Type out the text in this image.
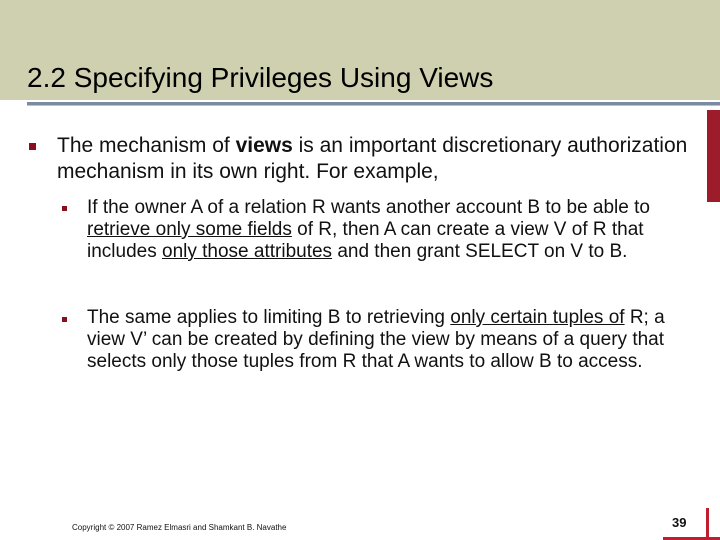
2.2 Specifying Privileges Using Views
The mechanism of views is an important discretionary authorization mechanism in its own right. For example,
If the owner A of a relation R wants another account B to be able to retrieve only some fields of R, then A can create a view V of R that includes only those attributes and then grant SELECT on V to B.
The same applies to limiting B to retrieving only certain tuples of R; a view V’ can be created by defining the view by means of a query that selects only those tuples from R that A wants to allow B to access.
Copyright © 2007 Ramez Elmasri and Shamkant B. Navathe	39
